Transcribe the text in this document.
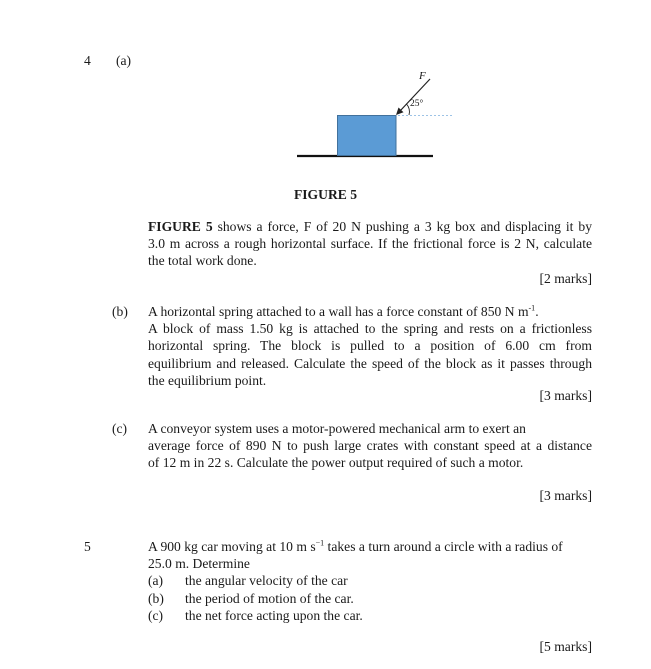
4 (a)
F
25°
FIGURE 5
FIGURE 5 shows a force, F of 20 N pushing a 3 kg box and displacing it by
3.0 m across a rough horizontal surface. If the frictional force is 2 N, calculate
the total work done.
[2 marks]
(b) A horizontal spring attached to a wall has a force constant of 850 N $m^{-1}$.
A block of mass 1.50 kg is attached to the spring and rests on a frictionless
horizontal spring. The block is pulled to a position of 6.00 cm from
equilibrium and released. Calculate the speed of the block as it passes through
the equilibrium point.
[3 marks]
(c) A conveyor system uses a motor-powered mechanical arm to exert an
average force of 890 N to push large crates with constant speed at a distance
of 12 m in 22 s. Calculate the power output required of such a motor.
[3 marks]
5	A 900 kg car moving at 10 m $s^{-1}$ takes a turn around a circle with a radius of
25.0 m. Determine
(a)	the angular velocity of the car
(b)	the period of motion of the car.
(c)	the net force acting upon the car.
[5 marks]
